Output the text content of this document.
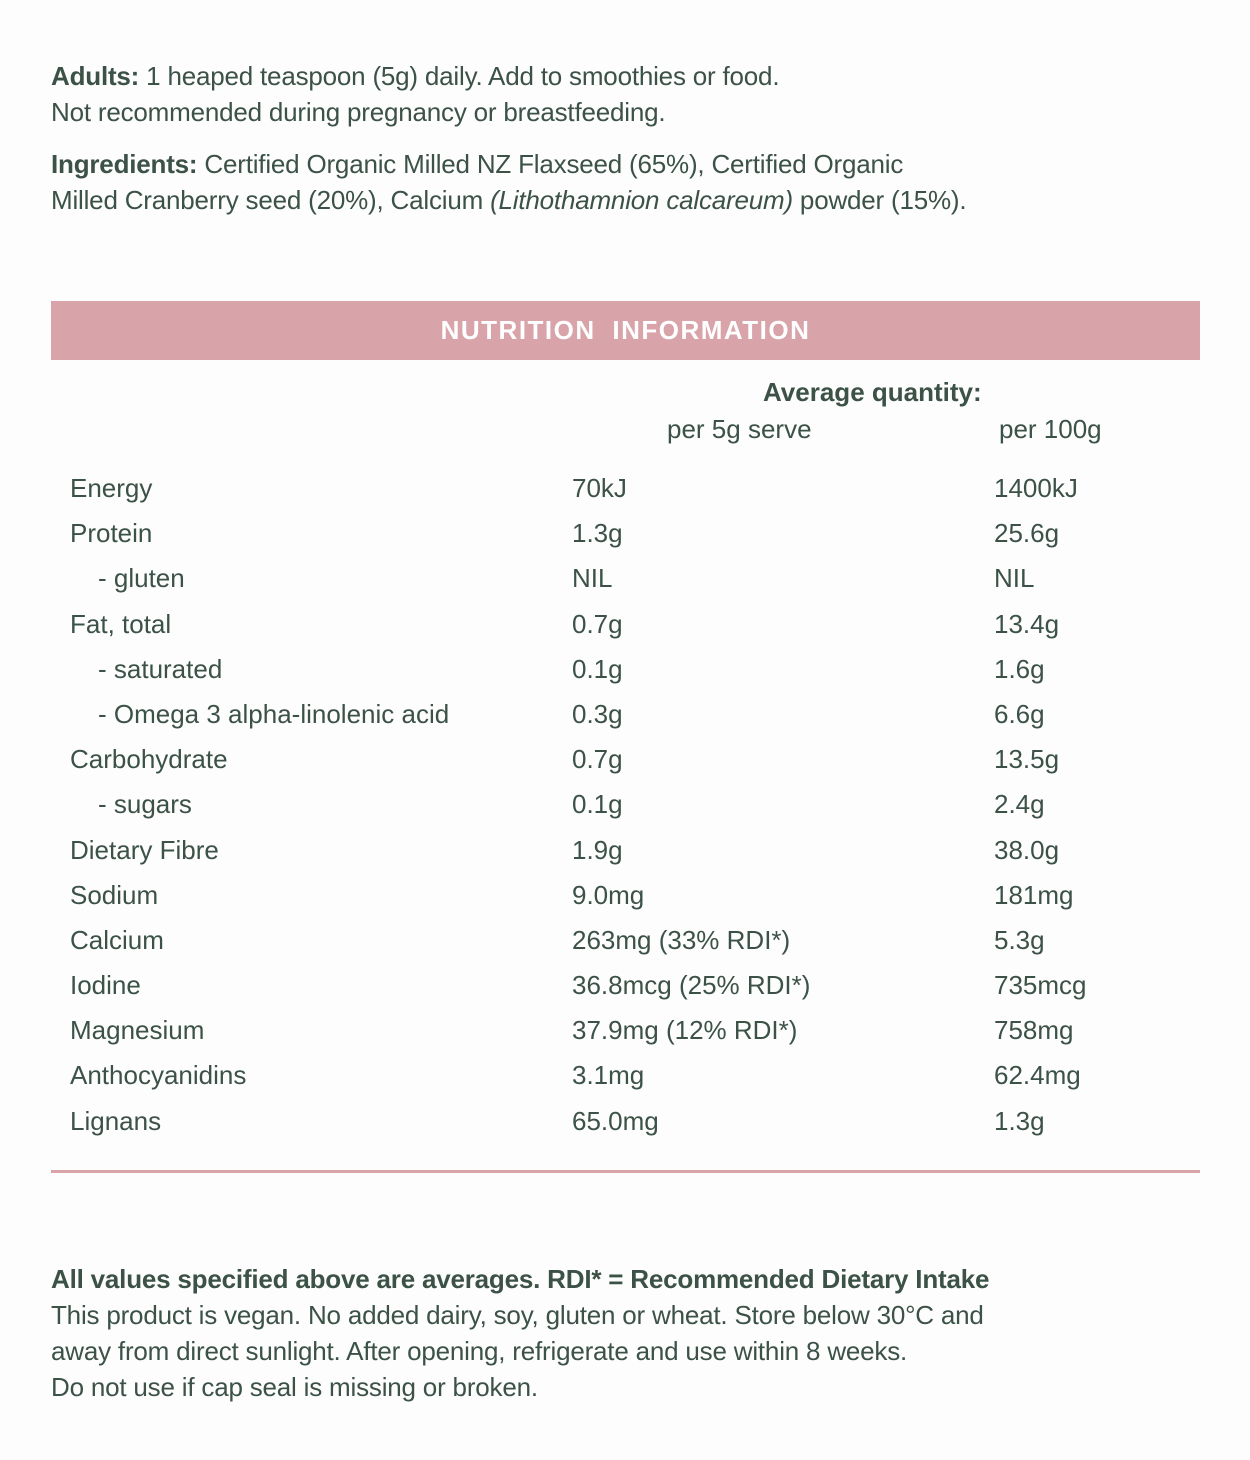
Adults: 1 heaped teaspoon (5g) daily. Add to smoothies or food.
Not recommended during pregnancy or breastfeeding.
Ingredients: Certified Organic Milled NZ Flaxseed (65%), Certified Organic
Milled Cranberry seed (20%), Calcium (Lithothamnion calcareum) powder (15%).
NUTRITION INFORMATION
Average quantity:
per 5g serve	per 100g
Energy	70kJ	1400kJ
Protein	1.3g	25.6g
- gluten	NIL	NIL
Fat, total	0.7g	13.4g
- saturated	0.1g	1.6g
- Omega 3 alpha-linolenic acid	0.3g	6.6g
Carbohydrate	0.7g	13.5g
- sugars	0.1g	2.4g
Dietary Fibre	1.9g	38.0g
Sodium	9.0mg	181mg
Calcium	263mg (33% RDI*)	5.3g
Iodine	36.8mcg (25% RDI*)	735mcg
Magnesium	37.9mg (12% RDI*)	758mg
Anthocyanidins	3.1mg	62.4mg
Lignans	65.0mg	1.3g
All values specified above are averages. RDI* = Recommended Dietary Intake
This product is vegan. No added dairy, soy, gluten or wheat. Store below 30°C and
away from direct sunlight. After opening, refrigerate and use within 8 weeks.
Do not use if cap seal is missing or broken.
